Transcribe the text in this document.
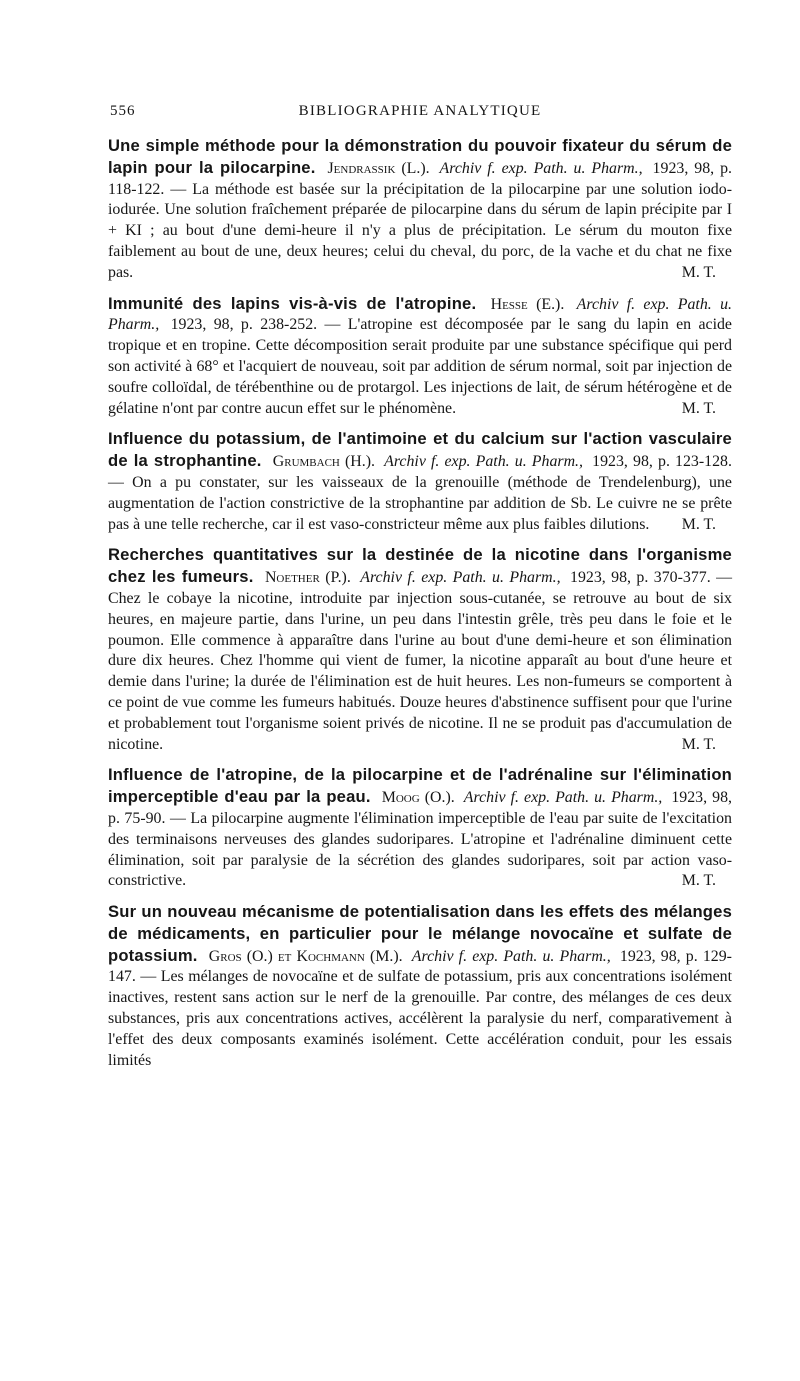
556	BIBLIOGRAPHIE ANALYTIQUE

Une simple méthode pour la démonstration du pouvoir fixateur du sérum de lapin pour la pilocarpine. Jendrassik (L.). Archiv f. exp. Path. u. Pharm., 1923, 98, p. 118-122. — La méthode est basée sur la précipitation de la pilocarpine par une solution iodo-iodurée. Une solution fraîchement préparée de pilocarpine dans du sérum de lapin précipite par I + KI ; au bout d'une demi-heure il n'y a plus de précipitation. Le sérum du mouton fixe faiblement au bout de une, deux heures; celui du cheval, du porc, de la vache et du chat ne fixe pas.	M. T.

Immunité des lapins vis-à-vis de l'atropine. Hesse (E.). Archiv f. exp. Path. u. Pharm., 1923, 98, p. 238-252. — L'atropine est décomposée par le sang du lapin en acide tropique et en tropine. Cette décomposition serait produite par une substance spécifique qui perd son activité à 68° et l'acquiert de nouveau, soit par addition de sérum normal, soit par injection de soufre colloïdal, de térébenthine ou de protargol. Les injections de lait, de sérum hétérogène et de gélatine n'ont par contre aucun effet sur le phénomène.	M. T.

Influence du potassium, de l'antimoine et du calcium sur l'action vasculaire de la strophantine. Grumbach (H.). Archiv f. exp. Path. u. Pharm., 1923, 98, p. 123-128. — On a pu constater, sur les vaisseaux de la grenouille (méthode de Trendelenburg), une augmentation de l'action constrictive de la strophantine par addition de Sb. Le cuivre ne se prête pas à une telle recherche, car il est vaso-constricteur même aux plus faibles dilutions. M. T.

Recherches quantitatives sur la destinée de la nicotine dans l'organisme chez les fumeurs. Noether (P.). Archiv f. exp. Path. u. Pharm., 1923, 98, p. 370-377. — Chez le cobaye la nicotine, introduite par injection sous-cutanée, se retrouve au bout de six heures, en majeure partie, dans l'urine, un peu dans l'intestin grêle, très peu dans le foie et le poumon. Elle commence à apparaître dans l'urine au bout d'une demi-heure et son élimination dure dix heures. Chez l'homme qui vient de fumer, la nicotine apparaît au bout d'une heure et demie dans l'urine; la durée de l'élimination est de huit heures. Les non-fumeurs se comportent à ce point de vue comme les fumeurs habitués. Douze heures d'abstinence suffisent pour que l'urine et probablement tout l'organisme soient privés de nicotine. Il ne se produit pas d'accumulation de nicotine.	M. T.

Influence de l'atropine, de la pilocarpine et de l'adrénaline sur l'élimination imperceptible d'eau par la peau. Moog (O.). Archiv f. exp. Path. u. Pharm., 1923, 98, p. 75-90. — La pilocarpine augmente l'élimination imperceptible de l'eau par suite de l'excitation des terminaisons nerveuses des glandes sudoripares. L'atropine et l'adrénaline diminuent cette élimination, soit par paralysie de la sécrétion des glandes sudoripares, soit par action vaso-constrictive.	M. T.

Sur un nouveau mécanisme de potentialisation dans les effets des mélanges de médicaments, en particulier pour le mélange novocaïne et sulfate de potassium. Gros (O.) et Kochmann (M.). Archiv f. exp. Path. u. Pharm., 1923, 98, p. 129-147. — Les mélanges de novocaïne et de sulfate de potassium, pris aux concentrations isolément inactives, restent sans action sur le nerf de la grenouille. Par contre, des mélanges de ces deux substances, pris aux concentrations actives, accélèrent la paralysie du nerf, comparativement à l'effet des deux composants examinés isolément. Cette accélération conduit, pour les essais limités
